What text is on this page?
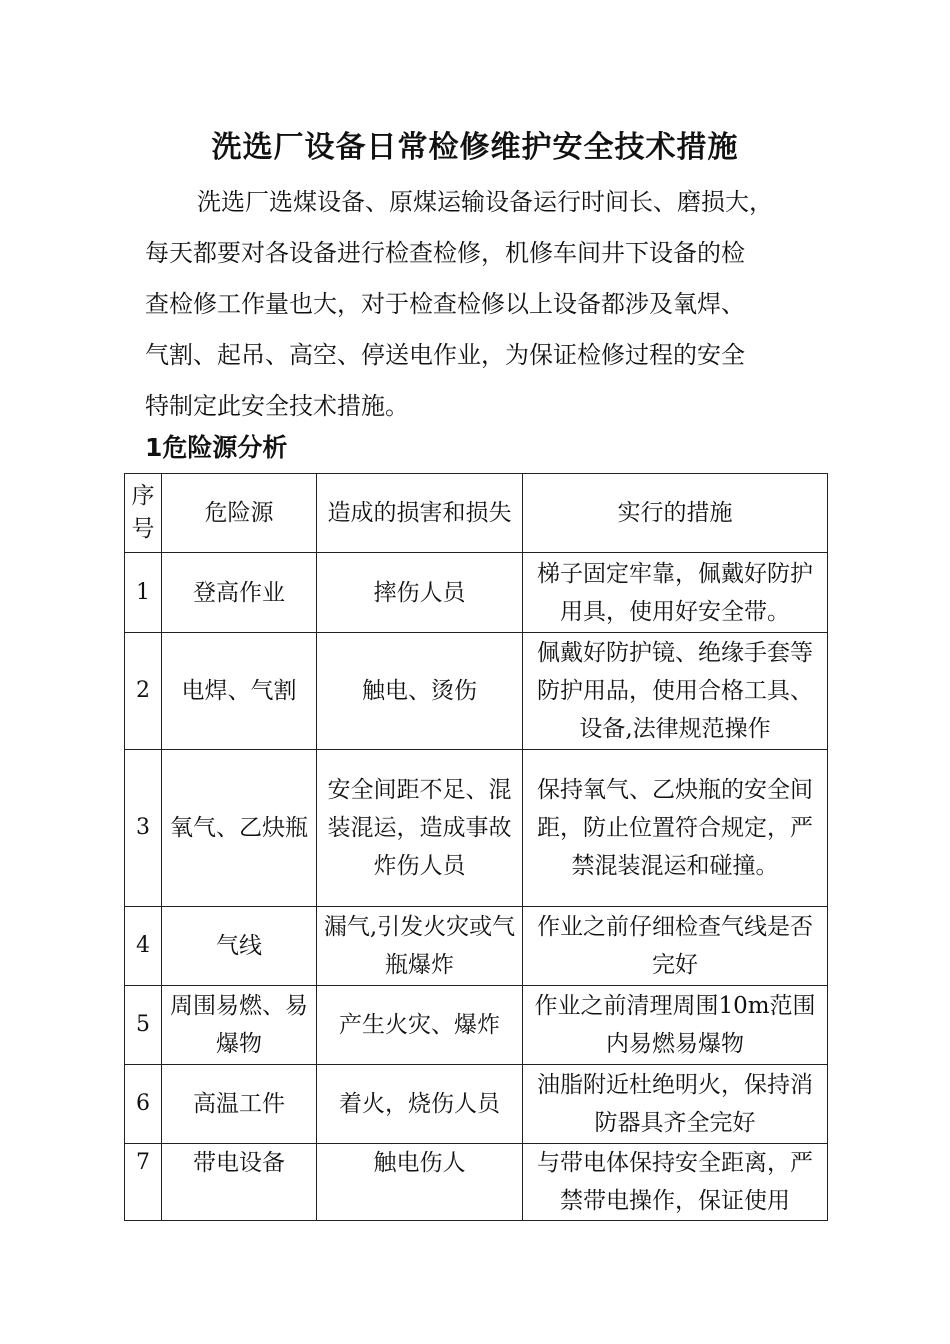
洗选厂设备日常检修维护安全技术措施
洗选厂选煤设备、原煤运输设备运行时间长、磨损大，
每天都要对各设备进行检查检修，机修车间井下设备的检
查检修工作量也大，对于检查检修以上设备都涉及氧焊、
气割、起吊、高空、停送电作业，为保证检修过程的安全
特制定此安全技术措施。
1危险源分析
序号	危险源	造成的损害和损失	实行的措施
1	登高作业	摔伤人员	梯子固定牢靠，佩戴好防护用具，使用好安全带。
2	电焊、气割	触电、烫伤	佩戴好防护镜、绝缘手套等防护用品，使用合格工具、设备,法律规范操作
3	氧气、乙炔瓶	安全间距不足、混装混运，造成事故炸伤人员	保持氧气、乙炔瓶的安全间距，防止位置符合规定，严禁混装混运和碰撞。
4	气线	漏气,引发火灾或气瓶爆炸	作业之前仔细检查气线是否完好
5	周围易燃、易爆物	产生火灾、爆炸	作业之前清理周围10m范围内易燃易爆物
6	高温工件	着火，烧伤人员	油脂附近杜绝明火，保持消防器具齐全完好
7	带电设备	触电伤人	与带电体保持安全距离，严禁带电操作，保证使用
